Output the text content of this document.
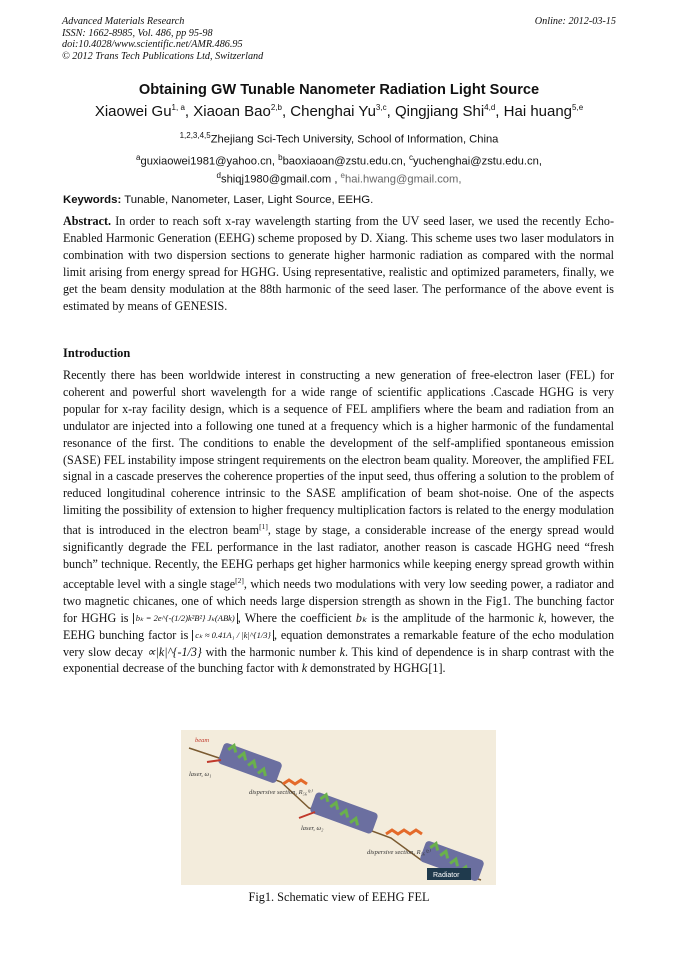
Advanced Materials Research
ISSN: 1662-8985, Vol. 486, pp 95-98
doi:10.4028/www.scientific.net/AMR.486.95
© 2012 Trans Tech Publications Ltd, Switzerland
Online: 2012-03-15
Obtaining GW Tunable Nanometer Radiation Light Source
Xiaowei Gu$^{1, a}$, Xiaoan Bao$^{2,b}$, Chenghai Yu$^{3,c}$, Qingjiang Shi$^{4,d}$, Hai huang$^{5,e}$
$^{1,2,3,4,5}$Zhejiang Sci-Tech University, School of Information, China
$^a$guxiaowei1981@yahoo.cn, $^b$baoxiaoan@zstu.edu.cn, $^c$yuchenghai@zstu.edu.cn,
$^d$shiqj1980@gmail.com , $^e$hai.hwang@gmail.com,
Keywords: Tunable, Nanometer, Laser, Light Source, EEHG.
Abstract. In order to reach soft x-ray wavelength starting from the UV seed laser, we used the recently Echo-Enabled Harmonic Generation (EEHG) scheme proposed by D. Xiang. This scheme uses two laser modulators in combination with two dispersion sections to generate higher harmonic radiation as compared with the normal limit arising from energy spread for HGHG. Using representative, realistic and optimized parameters, finally, we get the beam density modulation at the 88th harmonic of the seed laser. The performance of the above event is estimated by means of GENESIS.
Introduction
Recently there has been worldwide interest in constructing a new generation of free-electron laser (FEL) for coherent and powerful short wavelength for a wide range of scientific applications .Cascade HGHG is very popular for x-ray facility design, which is a sequence of FEL amplifiers where the beam and radiation from an undulator are injected into a following one tuned at a frequency which is a higher harmonic of the fundamental resonance of the first. The conditions to enable the development of the self-amplified spontaneous emission (SASE) FEL instability impose stringent requirements on the electron beam quality. Moreover, the amplified FEL signal in a cascade preserves the coherence properties of the input seed, thus offering a solution to the problem of reduced longitudinal coherence intrinsic to the SASE amplification of beam shot-noise. One of the aspects limiting the possibility of extension to higher frequency multiplication factors is related to the energy modulation that is introduced in the electron beam[1], stage by stage, a considerable increase of the energy spread would significantly degrade the FEL performance in the last radiator, another reason is cascade HGHG need “fresh bunch” technique. Recently, the EEHG perhaps get higher harmonics while keeping energy spread growth within acceptable level with a single stage[2], which needs two modulations with very low seeding power, a radiator and two magnetic chicanes, one of which needs large dispersion strength as shown in the Fig1. The bunching factor for HGHG is bₖ = 2e^{-(1/2)k²B²} Jₖ(ABk) , Where the coefficient bₖ is the amplitude of the harmonic k, however, the EEHG bunching factor is cₖ ≈ 0.41A₁ / |k|^{1/3} , equation demonstrates a remarkable feature of the echo modulation very slow decay ∝|k|^{-1/3} with the harmonic number k. This kind of dependence is in sharp contrast with the exponential decrease of the bunching factor with k demonstrated by HGHG[1].
beam
laser, ω₁
dispersive section, R₅₆⁽¹⁾
laser, ω₂
dispersive section, R₅₆⁽²⁾
Radiator
Fig1. Schematic view of EEHG FEL
